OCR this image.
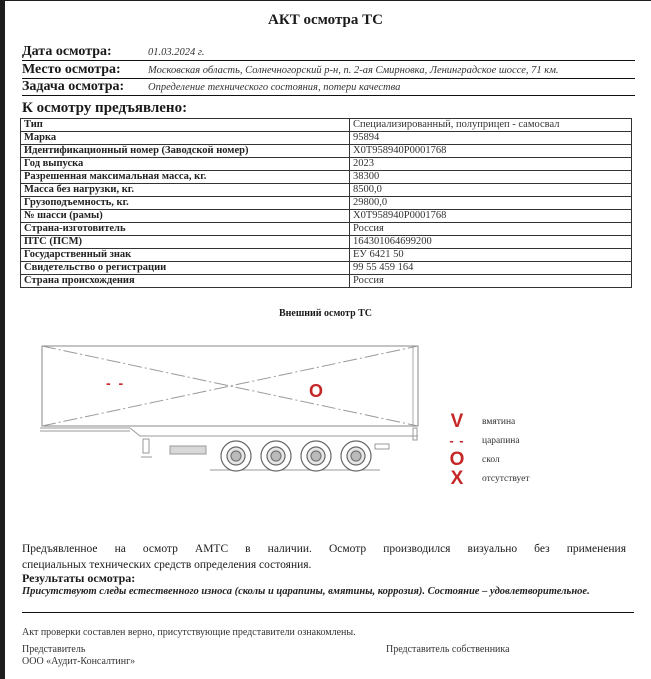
АКТ осмотра ТС
Дата осмотра:	01.03.2024 г.
Место осмотра:	Московская область, Солнечногорский р-н, п. 2-ая Смирновка, Ленинградское шоссе, 71 км.
Задача осмотра:	Определение технического состояния, потери качества
К осмотру предъявлено:
Тип	Специализированный, полуприцеп - самосвал
Марка	95894
Идентификационный номер (Заводской номер)	X0T958940P0001768
Год выпуска	2023
Разрешенная максимальная масса, кг.	38300
Масса без нагрузки, кг.	8500,0
Грузоподъемность, кг.	29800,0
№ шасси (рамы)	X0T958940P0001768
Страна-изготовитель	Россия
ПТС (ПСМ)	164301064699200
Государственный знак	ЕУ 6421 50
Свидетельство о регистрации	99 55 459 164
Страна происхождения	Россия
Внешний осмотр ТС
- -	O
V	вмятина
- -	царапина
O	скол
X	отсутствует
Предъявленное на осмотр АМТС в наличии. Осмотр производился визуально без применения
специальных технических средств определения состояния.
Результаты осмотра:
Присутствуют следы естественного износа (сколы и царапины, вмятины, коррозия). Состояние – удовлетворительное.
Акт проверки составлен верно, присутствующие представители ознакомлены.
Представитель
ООО «Аудит-Консалтинг»
Представитель собственника
